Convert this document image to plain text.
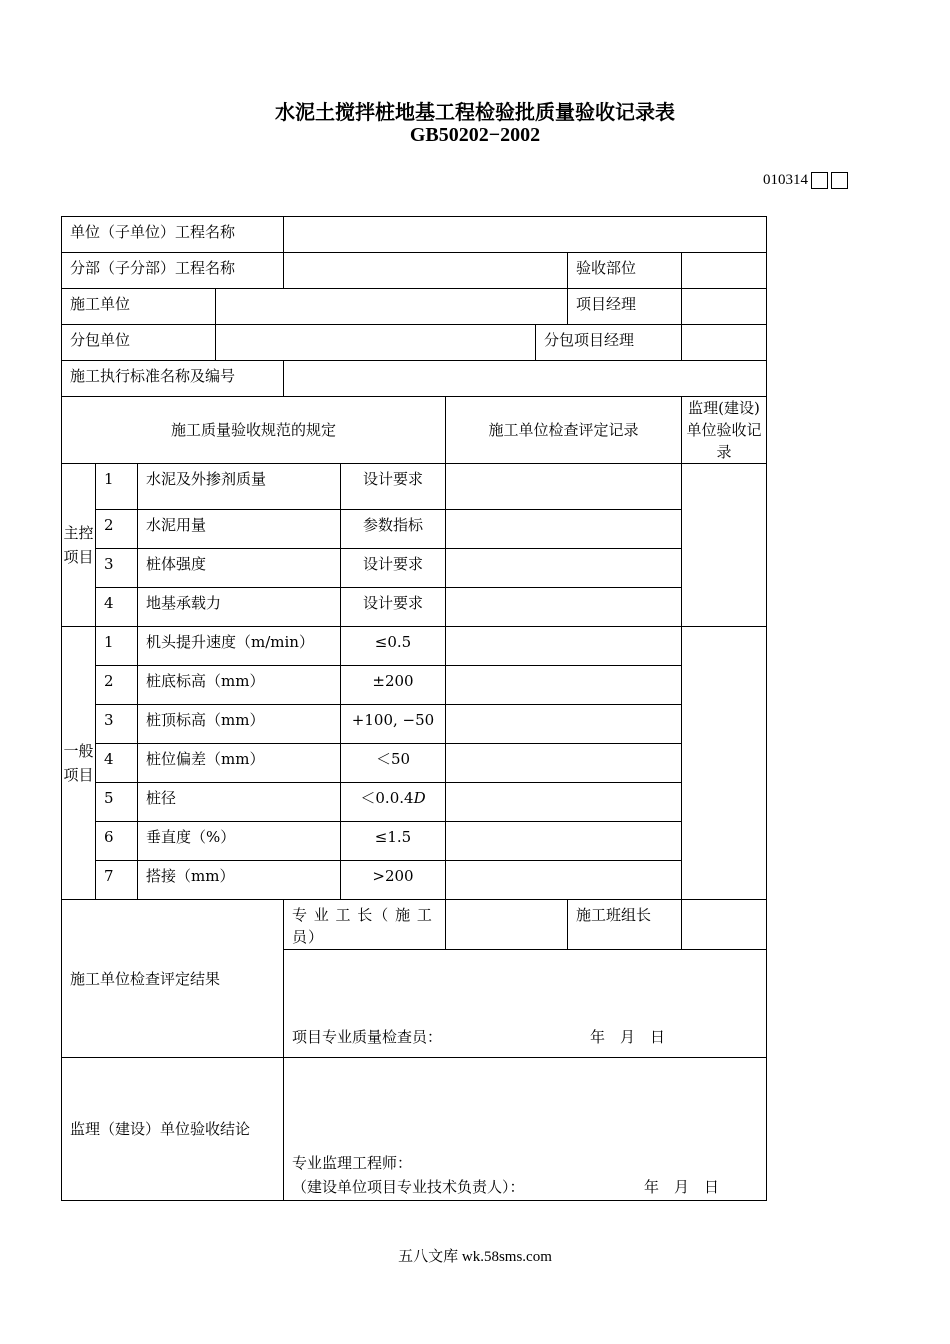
水泥土搅拌桩地基工程检验批质量验收记录表
GB50202−2002
010314
单位（子单位）工程名称									
分部（子分部）工程名称								验收部位	
施工单位								项目经理	
分包单位							分包项目经理		
施工执行标准名称及编号									
施工质量验收规范的规定						施工单位检查评定记录			监理(建设)单位验收记录

主控项目	1	水泥及外掺剂质量			设计要求				
	2	水泥用量			参数指标				
	3	桩体强度			设计要求				
	4	地基承载力			设计要求				

一般项目	1	机头提升速度（m/min）			≤0.5				
	2	桩底标高（mm）			±200				
	3	桩顶标高（mm）			+100, −50				
	4	桩位偏差（mm）			＜50				
	5	桩径			＜0.0.4D				
	6	垂直度（%）			≤1.5				
	7	搭接（mm）			>200				
施工单位检查评定结果				专 业 工 长（ 施 工 员）				施工班组长	

				项目专业质量检查员： 年　月　日					

监理（建设）单位验收结论				专业监理工程师：
（建设单位项目专业技术负责人）： 年　月　日					
五八文库 wk.58sms.com
